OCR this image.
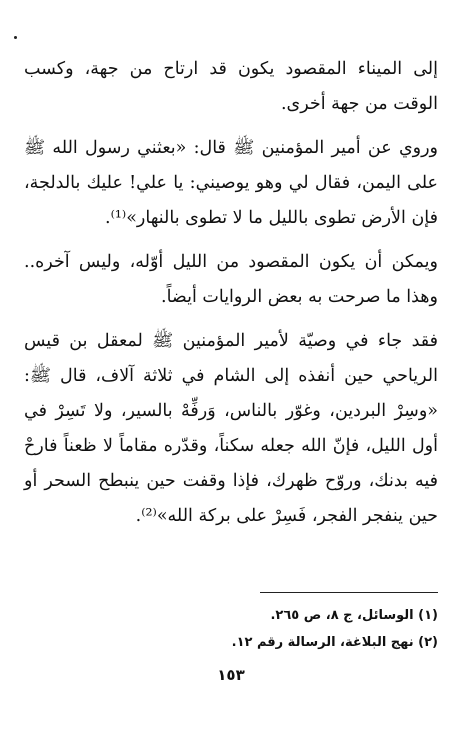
إلى الميناء المقصود يكون قد ارتاح من جهة، وكسب الوقت من جهة أخرى.

وروي عن أمير المؤمنين ﷺ قال: «بعثني رسول الله ﷺ على اليمن، فقال لي وهو يوصيني: يا علي! عليك بالدلجة، فإن الأرض تطوى بالليل ما لا تطوى بالنهار»⁽¹⁾.

ويمكن أن يكون المقصود من الليل أوّله، وليس آخره.. وهذا ما صرحت به بعض الروايات أيضاً.

فقد جاء في وصيّة لأمير المؤمنين ﷺ لمعقل بن قيس الرياحي حين أنفذه إلى الشام في ثلاثة آلاف، قال ﷺ: «وسِرْ البردين، وغوّر بالناس، وَرفِّهْ بالسير، ولا تَسِرْ في أول الليل، فإنّ الله جعله سكناً، وقدّره مقاماً لا ظعناً فارحْ فيه بدنك، وروّح ظهرك، فإذا وقفت حين ينبطح السحر أو حين ينفجر الفجر، فَسِرْ على بركة الله»⁽²⁾.

(١) الوسائل، ج ٨، ص ٢٦٥.

(٢) نهج البلاغة، الرسالة رقم ١٢.

١٥٣
